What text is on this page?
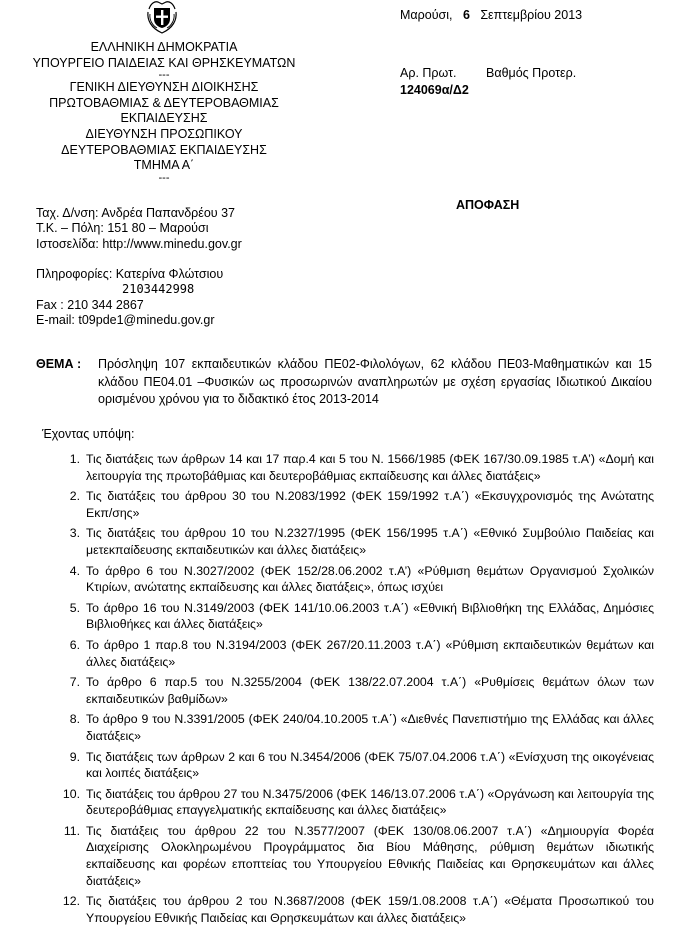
ΕΛΛΗΝΙΚΗ ΔΗΜΟΚΡΑΤΙΑ
ΥΠΟΥΡΓΕΙΟ ΠΑΙΔΕΙΑΣ ΚΑΙ ΘΡΗΣΚΕΥΜΑΤΩΝ
---
ΓΕΝΙΚΗ ΔΙΕΥΘΥΝΣΗ ΔΙΟΙΚΗΣΗΣ
ΠΡΩΤΟΒΑΘΜΙΑΣ & ΔΕΥΤΕΡΟΒΑΘΜΙΑΣ
ΕΚΠΑΙΔΕΥΣΗΣ
ΔΙΕΥΘΥΝΣΗ ΠΡΟΣΩΠΙΚΟΥ
ΔΕΥΤΕΡΟΒΑΘΜΙΑΣ ΕΚΠΑΙΔΕΥΣΗΣ
ΤΜΗΜΑ Α΄
---
Ταχ. Δ/νση: Ανδρέα Παπανδρέου 37
Τ.Κ. – Πόλη: 151 80 – Μαρούσι
Ιστοσελίδα: http://www.minedu.gov.gr
Πληροφορίες: Κατερίνα Φλώτσιου
2103442998
Fax : 210 344 2867
E-mail: t09pde1@minedu.gov.gr
Μαρούσι, 6 Σεπτεμβρίου 2013
Αρ. Πρωτ. Βαθμός Προτερ.
124069α/Δ2
ΑΠΟΦΑΣΗ
ΘΕΜΑ : Πρόσληψη 107 εκπαιδευτικών κλάδου ΠΕ02-Φιλολόγων, 62 κλάδου ΠΕ03-Μαθηματικών και 15 κλάδου ΠΕ04.01 –Φυσικών ως προσωρινών αναπληρωτών με σχέση εργασίας Ιδιωτικού Δικαίου ορισμένου χρόνου για το διδακτικό έτος 2013-2014
Έχοντας υπόψη:
1. Τις διατάξεις των άρθρων 14 και 17 παρ.4 και 5 του Ν. 1566/1985 (ΦΕΚ 167/30.09.1985 τ.Α’) «Δομή και λειτουργία της πρωτοβάθμιας και δευτεροβάθμιας εκπαίδευσης και άλλες διατάξεις»
2. Τις διατάξεις του άρθρου 30 του Ν.2083/1992 (ΦΕΚ 159/1992 τ.Α΄) «Εκσυγχρονισμός της Ανώτατης Εκπ/σης»
3. Τις διατάξεις του άρθρου 10 του Ν.2327/1995 (ΦΕΚ 156/1995 τ.Α΄) «Εθνικό Συμβούλιο Παιδείας και μετεκπαίδευσης εκπαιδευτικών και άλλες διατάξεις»
4. Το άρθρο 6 του Ν.3027/2002 (ΦΕΚ 152/28.06.2002 τ.Α’) «Ρύθμιση θεμάτων Οργανισμού Σχολικών Κτιρίων, ανώτατης εκπαίδευσης και άλλες διατάξεις», όπως ισχύει
5. Το άρθρο 16 του Ν.3149/2003 (ΦΕΚ 141/10.06.2003 τ.Α΄) «Εθνική Βιβλιοθήκη της Ελλάδας, Δημόσιες Βιβλιοθήκες και άλλες διατάξεις»
6. Το άρθρο 1 παρ.8 του Ν.3194/2003 (ΦΕΚ 267/20.11.2003 τ.Α΄) «Ρύθμιση εκπαιδευτικών θεμάτων και άλλες διατάξεις»
7. Το άρθρο 6 παρ.5 του Ν.3255/2004 (ΦΕΚ 138/22.07.2004 τ.Α΄) «Ρυθμίσεις θεμάτων όλων των εκπαιδευτικών βαθμίδων»
8. Το άρθρο 9 του Ν.3391/2005 (ΦΕΚ 240/04.10.2005 τ.Α΄) «Διεθνές Πανεπιστήμιο της Ελλάδας και άλλες διατάξεις»
9. Τις διατάξεις των άρθρων 2 και 6 του Ν.3454/2006 (ΦΕΚ 75/07.04.2006 τ.Α΄) «Ενίσχυση της οικογένειας και λοιπές διατάξεις»
10. Τις διατάξεις του άρθρου 27 του Ν.3475/2006 (ΦΕΚ 146/13.07.2006 τ.Α΄) «Οργάνωση και λειτουργία της δευτεροβάθμιας επαγγελματικής εκπαίδευσης και άλλες διατάξεις»
11. Τις διατάξεις του άρθρου 22 του Ν.3577/2007 (ΦΕΚ 130/08.06.2007 τ.Α΄) «Δημιουργία Φορέα Διαχείρισης Ολοκληρωμένου Προγράμματος δια Βίου Μάθησης, ρύθμιση θεμάτων ιδιωτικής εκπαίδευσης και φορέων εποπτείας του Υπουργείου Εθνικής Παιδείας και Θρησκευμάτων και άλλες διατάξεις»
12. Τις διατάξεις του άρθρου 2 του Ν.3687/2008 (ΦΕΚ 159/1.08.2008 τ.Α΄) «Θέματα Προσωπικού του Υπουργείου Εθνικής Παιδείας και Θρησκευμάτων και άλλες διατάξεις»
